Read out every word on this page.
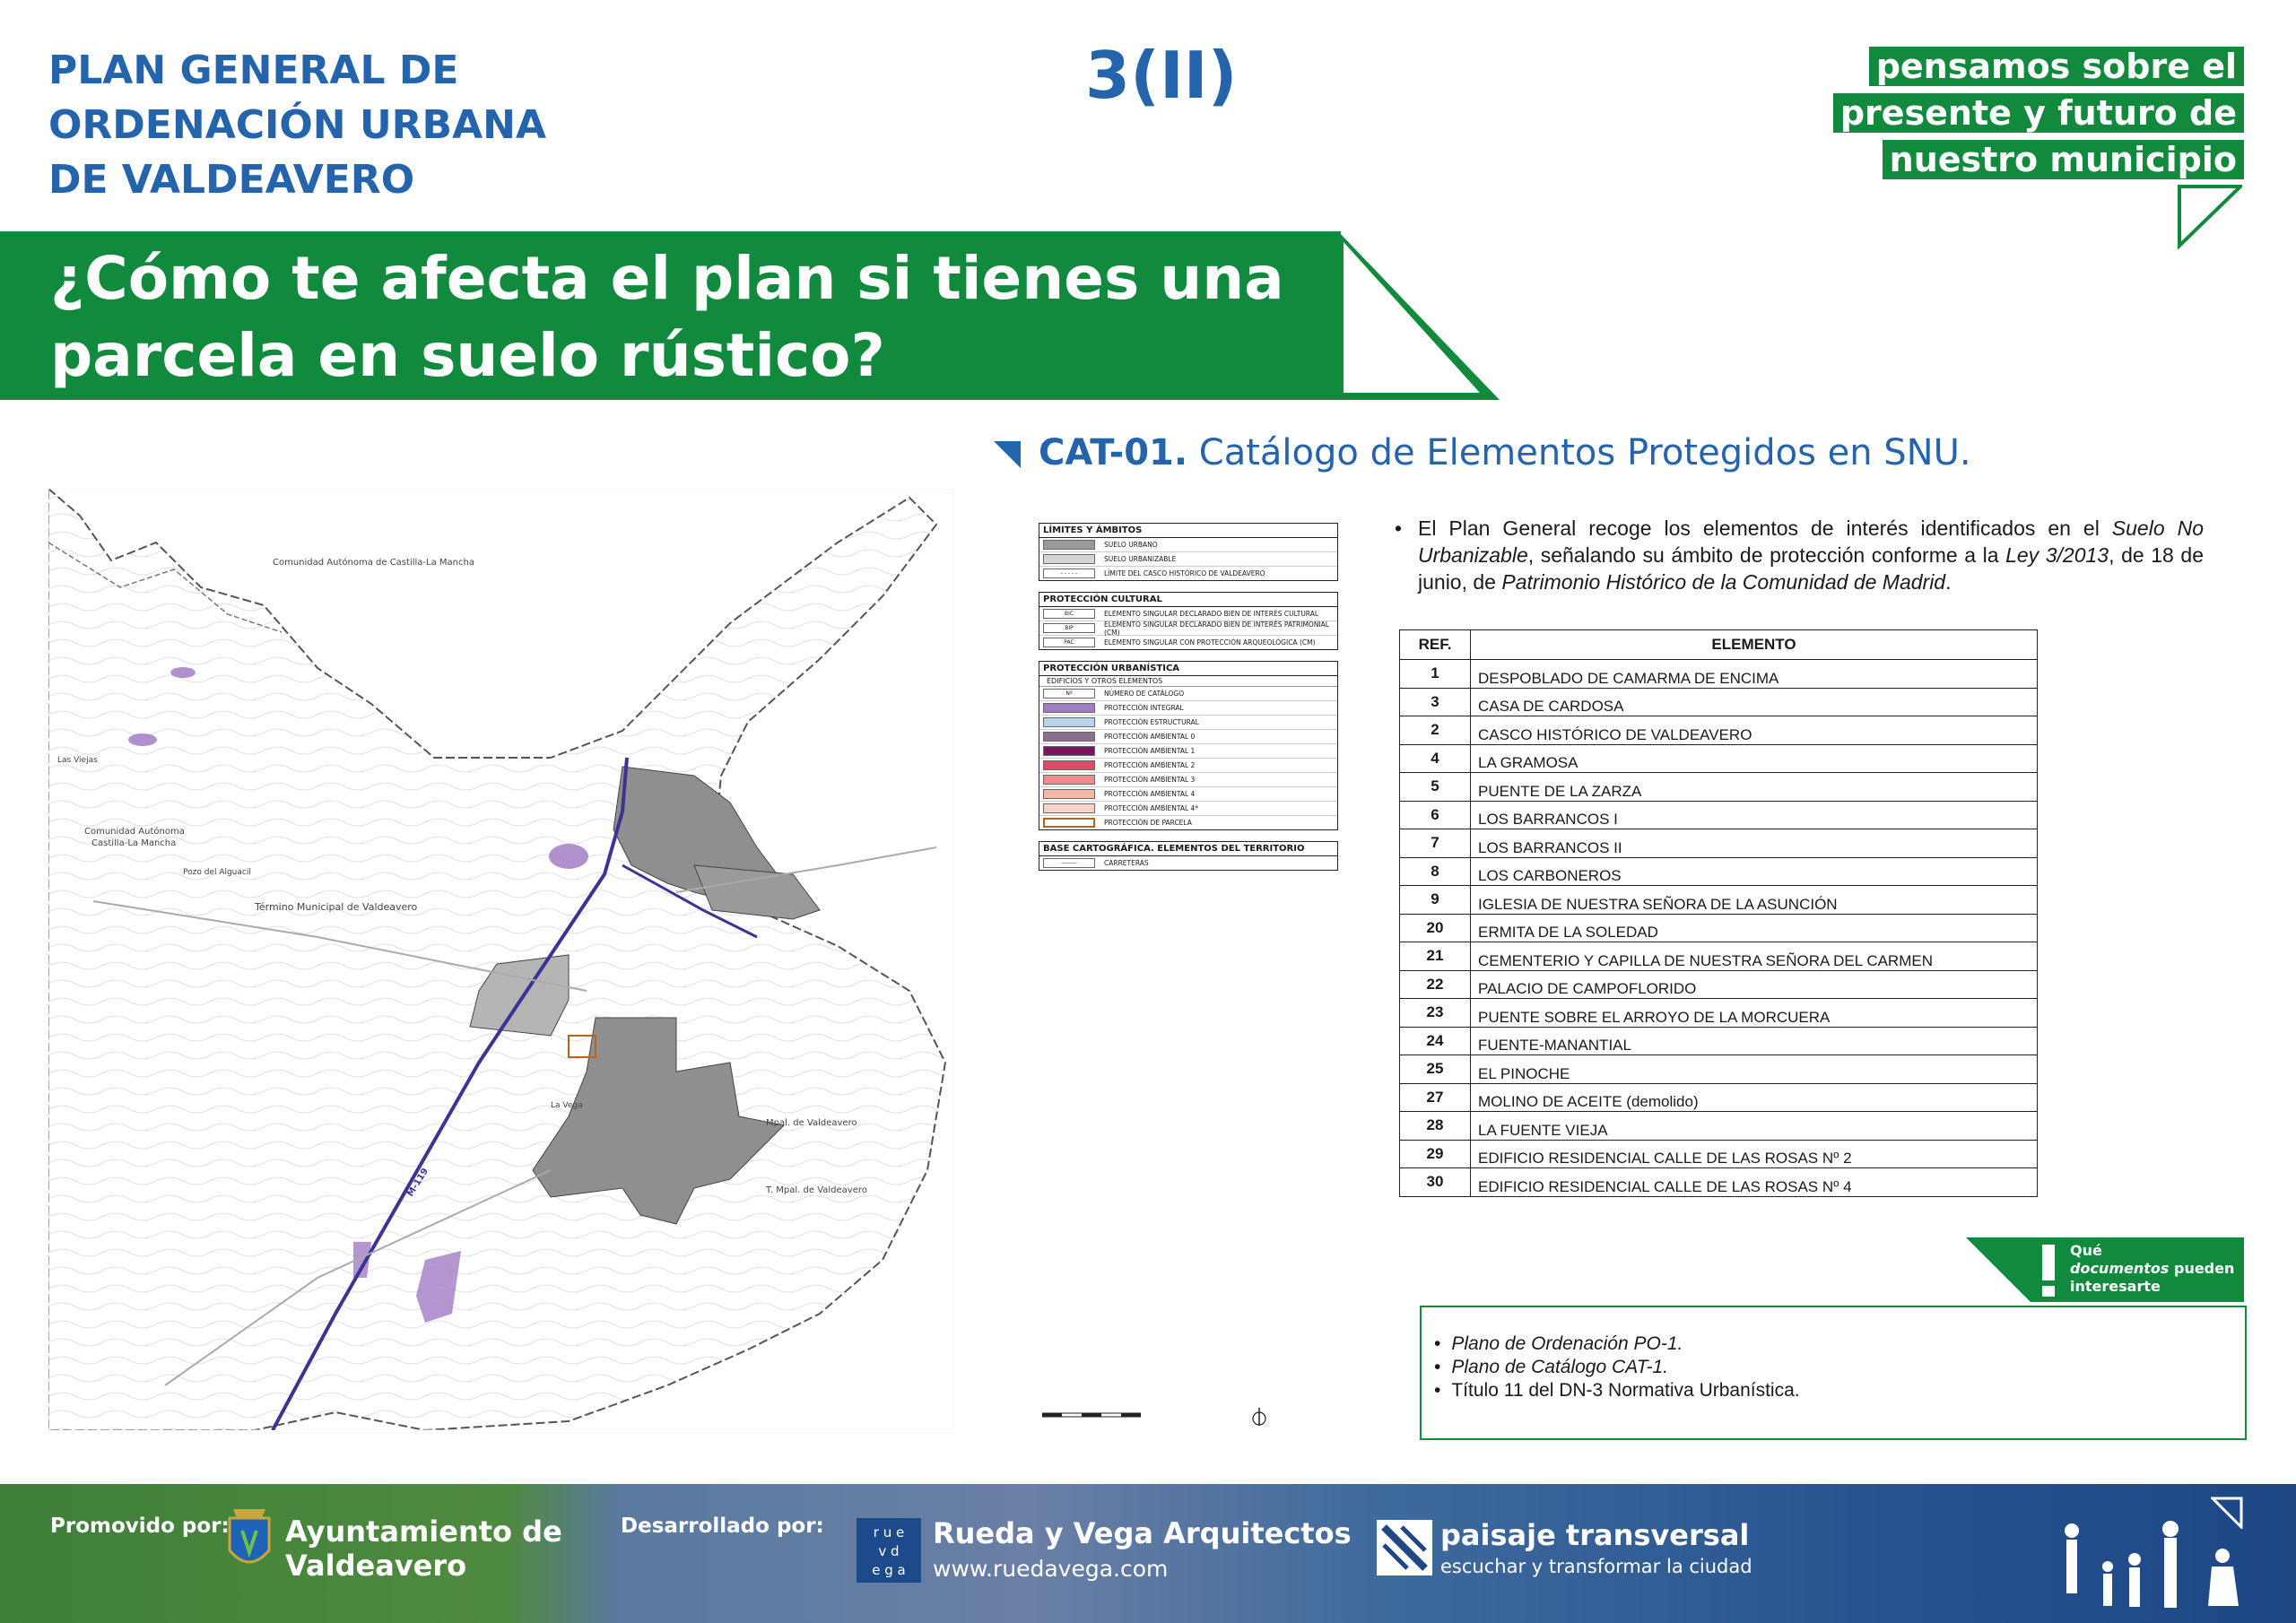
PLAN GENERAL DE
ORDENACIÓN URBANA
DE VALDEAVERO
3(II)	pensamos sobre el
presente y futuro de
nuestro municipio
¿Cómo te afecta el plan si tienes una
parcela en suelo rústico?
CAT-01. Catálogo de Elementos Protegidos en SNU.
Comunidad Autónoma de Castilla-La Mancha
Comunidad Autónoma
Castilla-La Mancha
Término Municipal de Valdeavero
Mpal. de Valdeavero
T. Mpal. de Valdeavero
La Vega
Las Viejas
Pozo del Alguacil
M-119
LÍMITES Y ÁMBITOS
SUELO URBANO
SUELO URBANIZABLE
- - - - -	LÍMITE DEL CASCO HISTÓRICO DE VALDEAVERO
PROTECCIÓN CULTURAL
BIC	ELEMENTO SINGULAR DECLARADO BIEN DE INTERÉS CULTURAL
BIP	ELEMENTO SINGULAR DECLARADO BIEN DE INTERÉS PATRIMONIAL (CM)
PAC	ELEMENTO SINGULAR CON PROTECCIÓN ARQUEOLÓGICA (CM)
PROTECCIÓN URBANÍSTICA
EDIFICIOS Y OTROS ELEMENTOS
Nº	NÚMERO DE CATÁLOGO
PROTECCIÓN INTEGRAL
PROTECCIÓN ESTRUCTURAL
PROTECCIÓN AMBIENTAL 0
PROTECCIÓN AMBIENTAL 1
PROTECCIÓN AMBIENTAL 2
PROTECCIÓN AMBIENTAL 3
PROTECCIÓN AMBIENTAL 4
PROTECCIÓN AMBIENTAL 4*
PROTECCIÓN DE PARCELA
BASE CARTOGRÁFICA. ELEMENTOS DEL TERRITORIO
———	CARRETERAS
• El Plan General recoge los elementos de interés identificados en el Suelo No Urbanizable, señalando su ámbito de protección conforme a la Ley 3/2013, de 18 de junio, de Patrimonio Histórico de la Comunidad de Madrid.

REF.	ELEMENTO
1	DESPOBLADO DE CAMARMA DE ENCIMA
3	CASA DE CARDOSA
2	CASCO HISTÓRICO DE VALDEAVERO
4	LA GRAMOSA
5	PUENTE DE LA ZARZA
6	LOS BARRANCOS I
7	LOS BARRANCOS II
8	LOS CARBONEROS
9	IGLESIA DE NUESTRA SEÑORA DE LA ASUNCIÓN
20	ERMITA DE LA SOLEDAD
21	CEMENTERIO Y CAPILLA DE NUESTRA SEÑORA DEL CARMEN
22	PALACIO DE CAMPOFLORIDO
23	PUENTE SOBRE EL ARROYO DE LA MORCUERA
24	FUENTE-MANANTIAL
25	EL PINOCHE
27	MOLINO DE ACEITE (demolido)
28	LA FUENTE VIEJA
29	EDIFICIO RESIDENCIAL CALLE DE LAS ROSAS Nº 2
30	EDIFICIO RESIDENCIAL CALLE DE LAS ROSAS Nº 4
Qué
documentos pueden
interesarte
• Plano de Ordenación PO-1.
• Plano de Catálogo CAT-1.
• Título 11 del DN-3 Normativa Urbanística.
Promovido por: Ayuntamiento de
Valdeavero
Desarrollado por:	r u e
v d
e g a
Rueda y Vega Arquitectos
www.ruedavega.com
paisaje transversal
escuchar y transformar la ciudad
